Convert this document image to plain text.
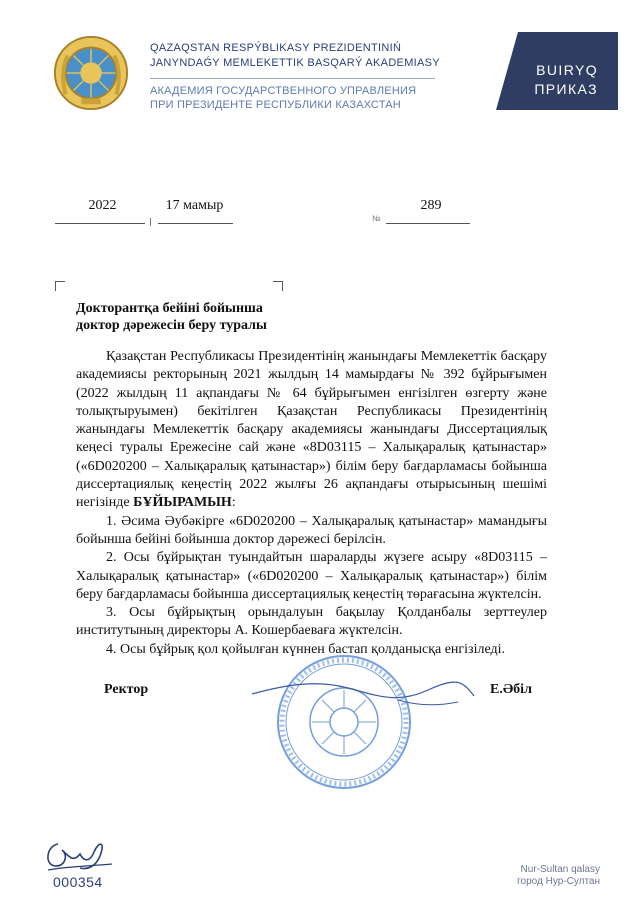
QAZAQSTAN RESPÝBLIKASY PREZIDENTІNІŃ
JANYNDAǴY MEMLEKETTІK BASQARÝ AKADEMIASY
АКАДЕМИЯ ГОСУДАРСТВЕННОГО УПРАВЛЕНИЯ
ПРИ ПРЕЗИДЕНТЕ РЕСПУБЛИКИ КАЗАХСТАН
BUIRYQ
ПРИКАЗ
2022	17 мамыр	289
№
Докторантқа бейіні бойынша
доктор дәрежесін беру туралы

Қазақстан Республикасы Президентінің жанындағы Мемлекеттік басқару академиясы ректорының 2021 жылдың 14 мамырдағы № 392 бұйрығымен (2022 жылдың 11 ақпандағы № 64 бұйрығымен енгізілген өзгерту және толықтыруымен) бекітілген Қазақстан Республикасы Президентінің жанындағы Мемлекеттік басқару академиясы жанындағы Диссертациялық кеңесі туралы Ережесіне сай және «8D03115 – Халықаралық қатынастар» («6D020200 – Халықаралық қатынастар») білім беру бағдарламасы бойынша диссертациялық кеңестің 2022 жылғы 26 ақпандағы отырысының шешімі негізінде БҰЙЫРАМЫН:

1. Әсима Әубәкірге «6D020200 – Халықаралық қатынастар» мамандығы бойынша бейіні бойынша доктор дәрежесі берілсін.

2. Осы бұйрықтан туындайтын шараларды жүзеге асыру «8D03115 – Халықаралық қатынастар» («6D020200 – Халықаралық қатынастар») білім беру бағдарламасы бойынша диссертациялық кеңестің төрағасына жүктелсін.

3. Осы бұйрықтың орындалуын бақылау Қолданбалы зерттеулер институтының директоры А. Кошербаеваға жүктелсін.

4. Осы бұйрық қол қойылған күннен бастап қолданысқа енгізіледі.

Ректор	Е.Әбіл
000354
Nur-Sultan qalasy
город Нур-Султан
